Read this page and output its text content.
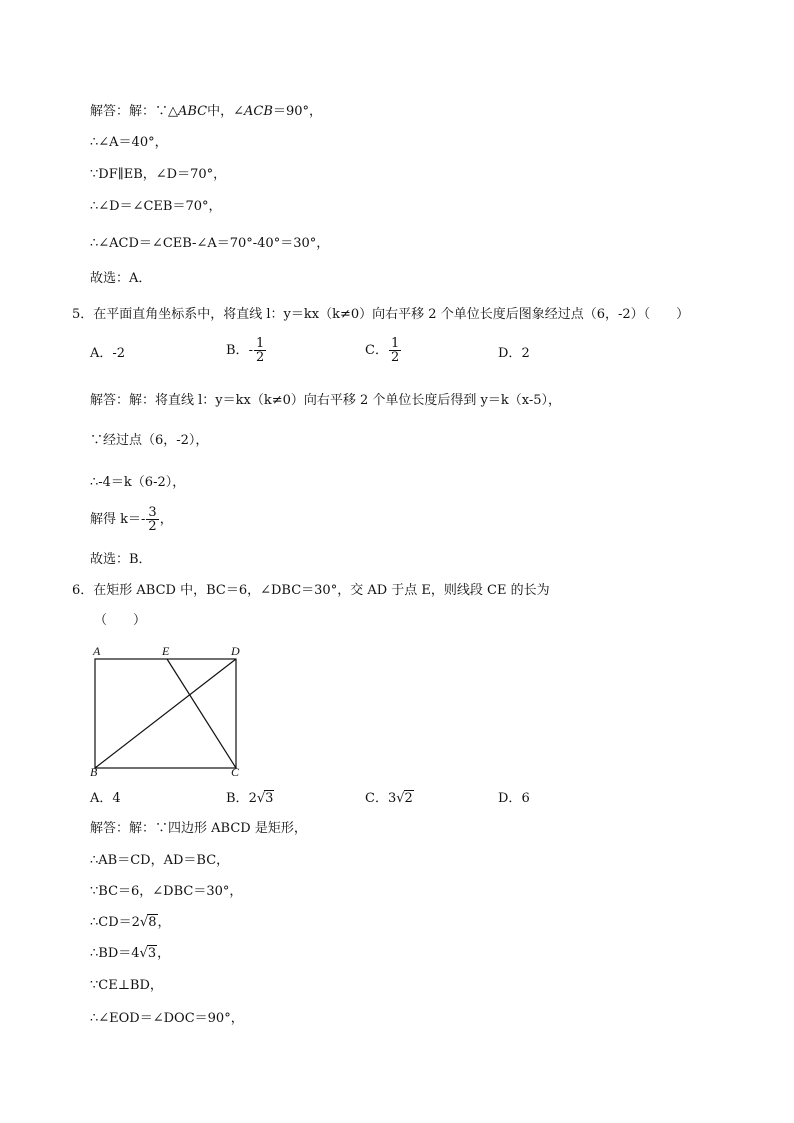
解答：解：∵△ABC中，∠ACB＝90°，
∴∠A＝40°，
∵DF∥EB，∠D＝70°，
∴∠D＝∠CEB＝70°，
∴∠ACD＝∠CEB-∠A＝70°-40°＝30°，
故选：A．
5．在平面直角坐标系中，将直线 l：y＝kx（k≠0）向右平移 2 个单位长度后图象经过点（6，-2）（　　）
A．-2	B．- $\frac{1}{2}$	C． $\frac{1}{2}$	D．2
解答：解：将直线 l：y＝kx（k≠0）向右平移 2 个单位长度后得到 y＝k（x-5），
∵经过点（6，-2），
∴-4＝k（6-2），
解得 $k=- \frac{3}{2}$ ，
故选：B．
6．在矩形 ABCD 中，BC＝6，∠DBC＝30°，交 AD 于点 E，则线段 CE 的长为
（　　）
A	E	D
B	C
A．4	B．2√3	C．3√2	D．6
解答：解：∵四边形 ABCD 是矩形，
∴AB＝CD，AD＝BC，
∵BC＝6，∠DBC＝30°，
∴CD＝2√8，
∴BD＝4√3，
∵CE⊥BD，
∴∠EOD＝∠DOC＝90°，
